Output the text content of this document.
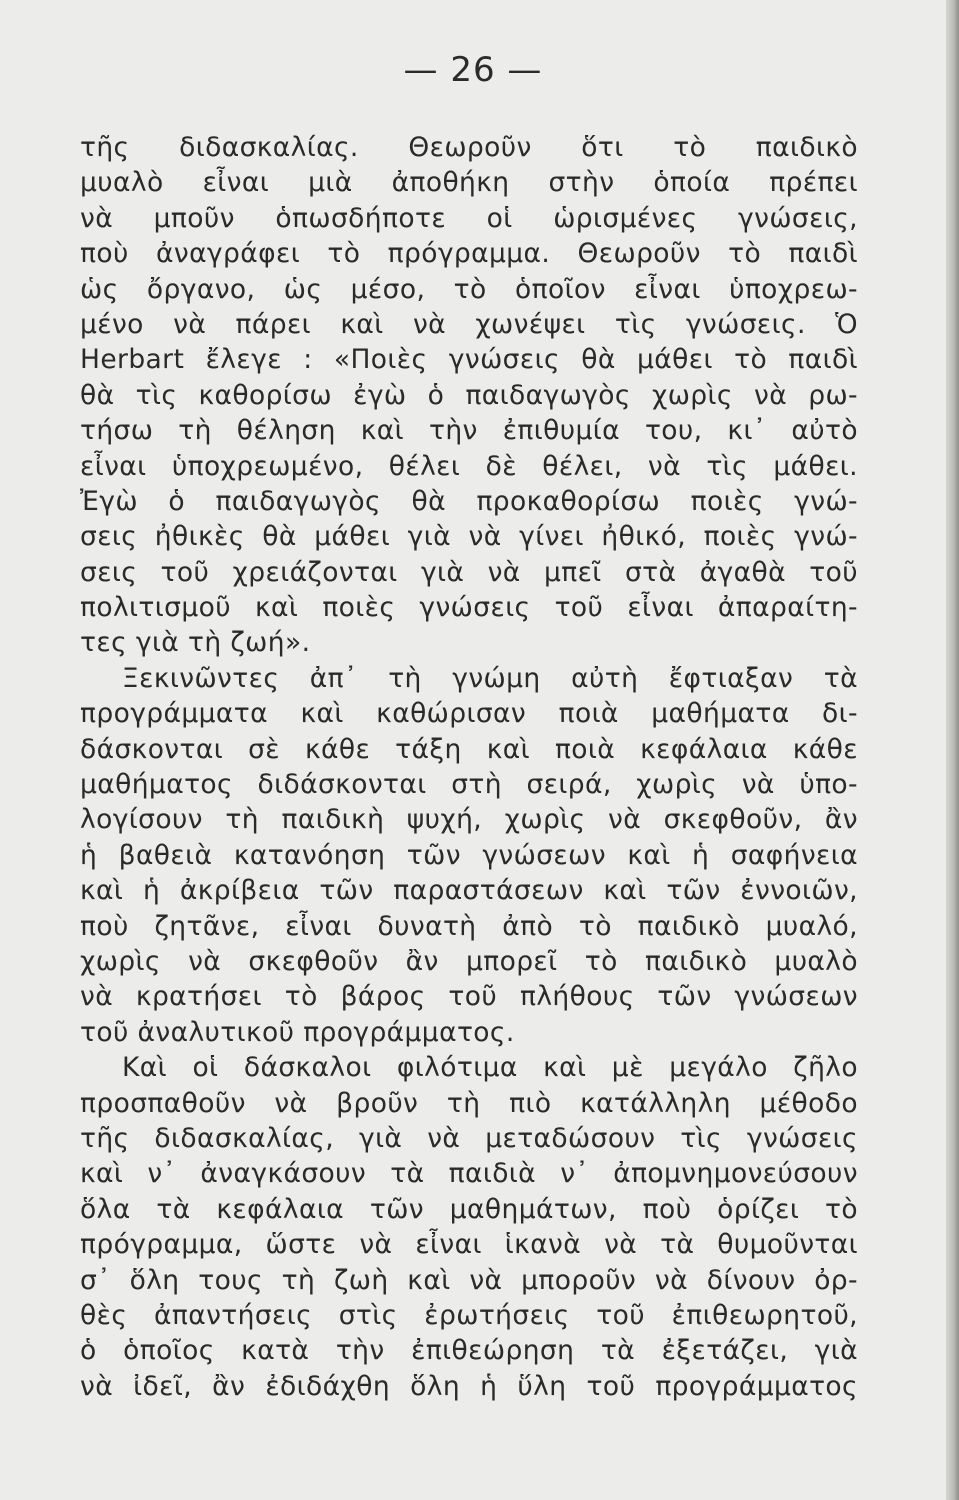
— 26 —
τῆς διδασκαλίας. Θεωροῦν ὅτι τὸ παιδικὸ
μυαλὸ εἶναι μιὰ ἀποθήκη στὴν ὁποία πρέπει
νὰ μποῦν ὁπωσδήποτε οἱ ὡρισμένες γνώσεις,
ποὺ ἀναγράφει τὸ πρόγραμμα. Θεωροῦν τὸ παιδὶ
ὡς ὄργανο, ὡς μέσο, τὸ ὁποῖον εἶναι ὑποχρεω-
μένο νὰ πάρει καὶ νὰ χωνέψει τὶς γνώσεις. Ὁ
Herbart ἔλεγε : «Ποιὲς γνώσεις θὰ μάθει τὸ παιδὶ
θὰ τὶς καθορίσω ἐγὼ ὁ παιδαγωγὸς χωρὶς νὰ ρω-
τήσω τὴ θέληση καὶ τὴν ἐπιθυμία του, κι᾽ αὐτὸ
εἶναι ὑποχρεωμένο, θέλει δὲ θέλει, νὰ τὶς μάθει.
Ἐγὼ ὁ παιδαγωγὸς θὰ προκαθορίσω ποιὲς γνώ-
σεις ἠθικὲς θὰ μάθει γιὰ νὰ γίνει ἠθικό, ποιὲς γνώ-
σεις τοῦ χρειάζονται γιὰ νὰ μπεῖ στὰ ἀγαθὰ τοῦ
πολιτισμοῦ καὶ ποιὲς γνώσεις τοῦ εἶναι ἀπαραίτη-
τες γιὰ τὴ ζωή».
Ξεκινῶντες ἀπ᾽ τὴ γνώμη αὐτὴ ἔφτιαξαν τὰ
προγράμματα καὶ καθώρισαν ποιὰ μαθήματα δι-
δάσκονται σὲ κάθε τάξη καὶ ποιὰ κεφάλαια κάθε
μαθήματος διδάσκονται στὴ σειρά, χωρὶς νὰ ὑπο-
λογίσουν τὴ παιδικὴ ψυχή, χωρὶς νὰ σκεφθοῦν, ἂν
ἡ βαθειὰ κατανόηση τῶν γνώσεων καὶ ἡ σαφήνεια
καὶ ἡ ἀκρίβεια τῶν παραστάσεων καὶ τῶν ἐννοιῶν,
ποὺ ζητᾶνε, εἶναι δυνατὴ ἀπὸ τὸ παιδικὸ μυαλό,
χωρὶς νὰ σκεφθοῦν ἂν μπορεῖ τὸ παιδικὸ μυαλὸ
νὰ κρατήσει τὸ βάρος τοῦ πλήθους τῶν γνώσεων
τοῦ ἀναλυτικοῦ προγράμματος.
Καὶ οἱ δάσκαλοι φιλότιμα καὶ μὲ μεγάλο ζῆλο
προσπαθοῦν νὰ βροῦν τὴ πιὸ κατάλληλη μέθοδο
τῆς διδασκαλίας, γιὰ νὰ μεταδώσουν τὶς γνώσεις
καὶ ν᾽ ἀναγκάσουν τὰ παιδιὰ ν᾽ ἀπομνημονεύσουν
ὅλα τὰ κεφάλαια τῶν μαθημάτων, ποὺ ὁρίζει τὸ
πρόγραμμα, ὥστε νὰ εἶναι ἱκανὰ νὰ τὰ θυμοῦνται
σ᾽ ὅλη τους τὴ ζωὴ καὶ νὰ μποροῦν νὰ δίνουν ὀρ-
θὲς ἀπαντήσεις στὶς ἐρωτήσεις τοῦ ἐπιθεωρητοῦ,
ὁ ὁποῖος κατὰ τὴν ἐπιθεώρηση τὰ ἐξετάζει, γιὰ
νὰ ἰδεῖ, ἂν ἐδιδάχθη ὅλη ἡ ὕλη τοῦ προγράμματος
